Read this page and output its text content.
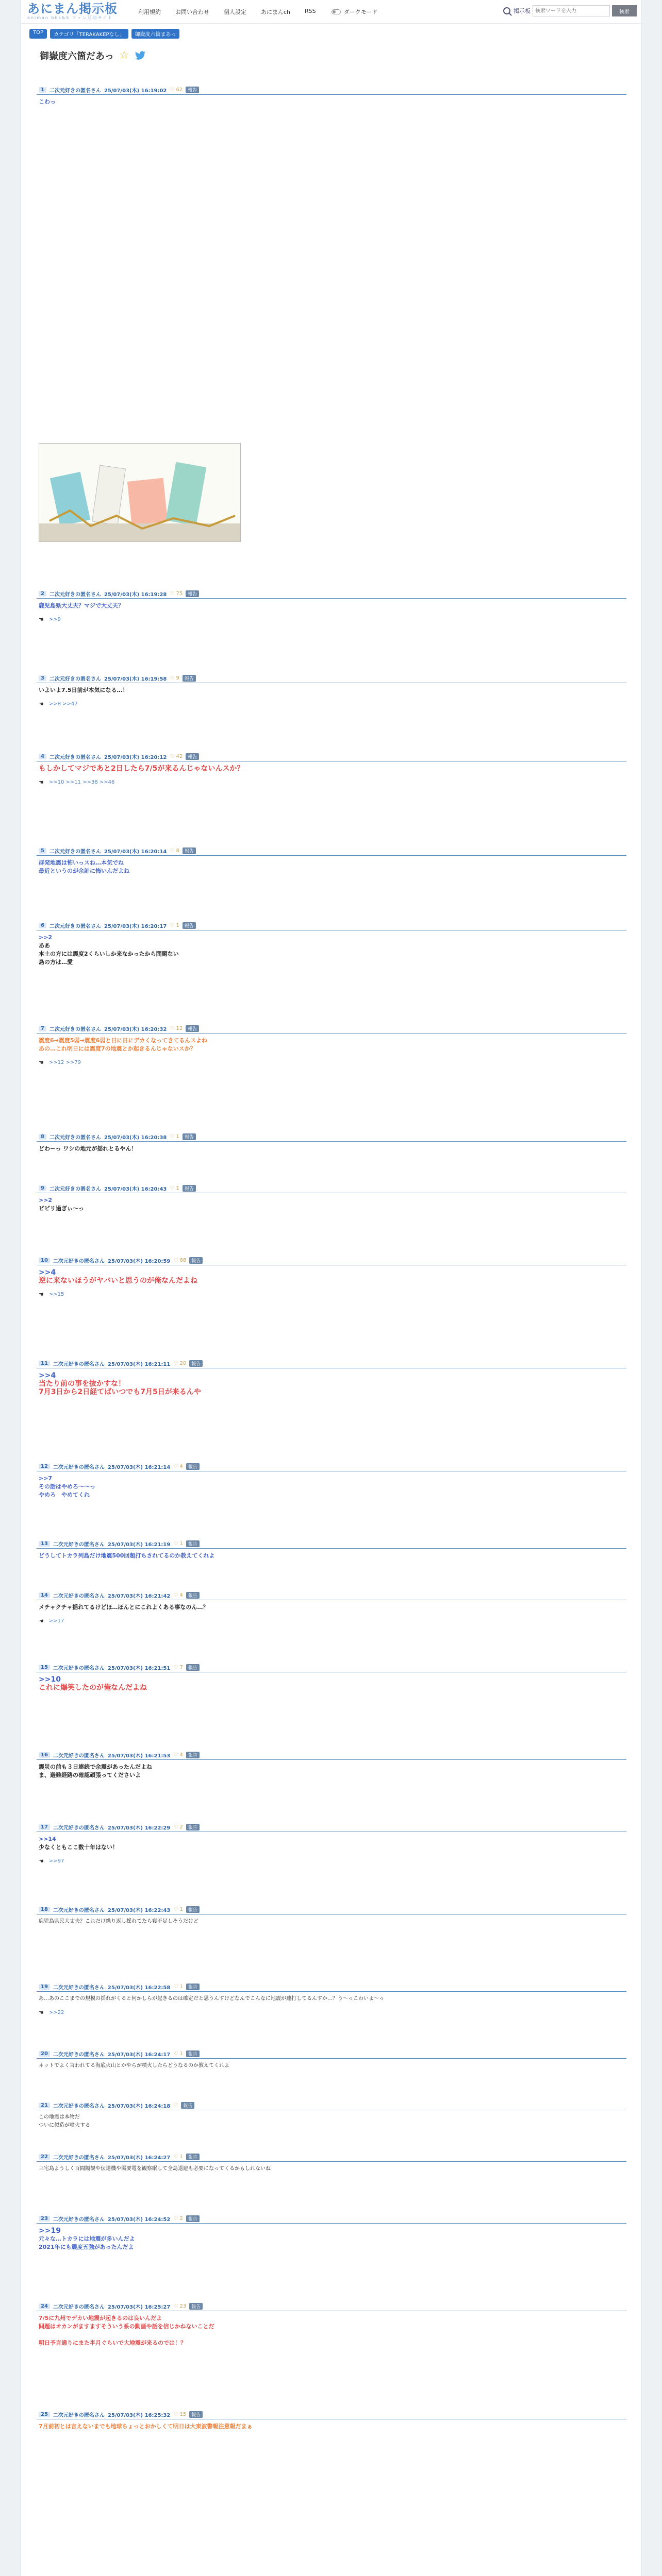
あにまん掲示板
animan bbs&S ファン互助サイト
利用規約	お問い合わせ	個人設定	あにまんch	RSS	ダークモード	掲示板
検索ワードを入力	検索
TOP	カテゴリ「TERAKAKEPなし」	御嶽度六箇まあっ
御嶽度六箇だあっ ☆
1	二次元好きの匿名さん 25/07/03(木) 16:19:02 ♡ 62	報告
こわっ
2	二次元好きの匿名さん 25/07/03(木) 16:19:28 ♡ 75	報告
鹿児島県大丈夫？マジで大丈夫？
☚ >>9
3	二次元好きの匿名さん 25/07/03(木) 16:19:58 ♡ 9	報告
いよいよ7.5日前が本気になる…！
☚ >>8 >>47
4	二次元好きの匿名さん 25/07/03(木) 16:20:12 ♡ 42	報告
もしかしてマジであと2日したら7/5が来るんじゃないんスか？
☚ >>10 >>11 >>38 >>46
5	二次元好きの匿名さん 25/07/03(木) 16:20:14 ♡ 8	報告
群発地震は怖いっスね…本気でね
最近というのが余計に怖いんだよね
6	二次元好きの匿名さん 25/07/03(木) 16:20:17 ♡ 1	報告
>>2
ああ
本土の方には震度2くらいしか来なかったから問題ない
島の方は…愛
7	二次元好きの匿名さん 25/07/03(木) 16:20:32 ♡ 12	報告
震度6→震度5弱→震度6弱と日に日にデカくなってきてるんスよね
あの…これ明日には震度7の地震とか起きるんじゃないスか？
☚ >>12 >>79
8	二次元好きの匿名さん 25/07/03(木) 16:20:38 ♡ 1	報告
どわーっ ワシの地元が揺れとるやん！
9	二次元好きの匿名さん 25/07/03(木) 16:20:43 ♡ 1	報告
>>2
ビビリ過ぎぃ〜っ
10	二次元好きの匿名さん 25/07/03(木) 16:20:59 ♡ 68	報告
>>4
逆に来ないほうがヤバいと思うのが俺なんだよね
☚ >>15
11	二次元好きの匿名さん 25/07/03(木) 16:21:11 ♡ 20	報告
>>4
当たり前の事を抜かすな！
7月3日から2日経てばいつでも7月5日が来るんや
12	二次元好きの匿名さん 25/07/03(木) 16:21:14 ♡ 4	報告
>>7
その話はやめろ〜〜っ
やめろ　やめてくれ
13	二次元好きの匿名さん 25/07/03(木) 16:21:19 ♡ 1	報告
どうしてトカラ列島だけ地震500回超打ちされてるのか教えてくれよ
14	二次元好きの匿名さん 25/07/03(木) 16:21:42 ♡ 4	報告
メチャクチャ揺れてるけどほ…ほんとにこれよくある事なのん…？
☚ >>17
15	二次元好きの匿名さん 25/07/03(木) 16:21:51 ♡ 7	報告
>>10
これに爆笑したのが俺なんだよね
16	二次元好きの匿名さん 25/07/03(木) 16:21:53 ♡ 4	報告
震災の前も３日連続で余震があったんだよね
ま、避難経路の確認頑張ってくださいよ
17	二次元好きの匿名さん 25/07/03(木) 16:22:29 ♡ 2	報告
>>14
少なくともここ数十年はない！
☚ >>97
18	二次元好きの匿名さん 25/07/03(木) 16:22:43 ♡ 1	報告
鹿児島県民大丈夫？これだけ繰り返し揺れてたら寝不足しそうだけど
19	二次元好きの匿名さん 25/07/03(木) 16:22:58 ♡ 1	報告
あ…あのここまでの規模の揺れがくると何かしらが起きるのは確定だと思うんすけどなんでこんなに地震が連打してるんすか…？う〜っこわいよ〜っ
☚ >>22
20	二次元好きの匿名さん 25/07/03(木) 16:24:17 ♡ 1	報告
ネットでよく言われてる海底火山とかやらが噴火したらどうなるのか教えてくれよ
21	二次元好きの匿名さん 25/07/03(木) 16:24:18 ♡	報告
この地震は本物だ
ついに似造が噴火する
22	二次元好きの匿名さん 25/07/03(木) 16:24:27 ♡ 1	報告
三宅島ようしく百間隔観や伝達機や需要電を観察眠して全島退避も必要になってくるかもしれないね
23	二次元好きの匿名さん 25/07/03(木) 16:24:52 ♡ 2	報告
>>19
元々な…トカラには地震が多いんだよ
2021年にも震度五強があったんだよ
24	二次元好きの匿名さん 25/07/03(木) 16:25:27 ♡ 23	報告
7/5に九州でデカい地震が起きるのは良いんだよ
問題はオカンがますますそういう系の動画や話を信じかねないことだ
明日予言通りにまた半月ぐらいで大地震が来るのでは！？
25	二次元好きの匿名さん 25/07/03(木) 16:25:32 ♡ 15	報告
7月前初とは言えないまでも地球ちょっとおかしくて明日は大東波警報注意報だまぁ
